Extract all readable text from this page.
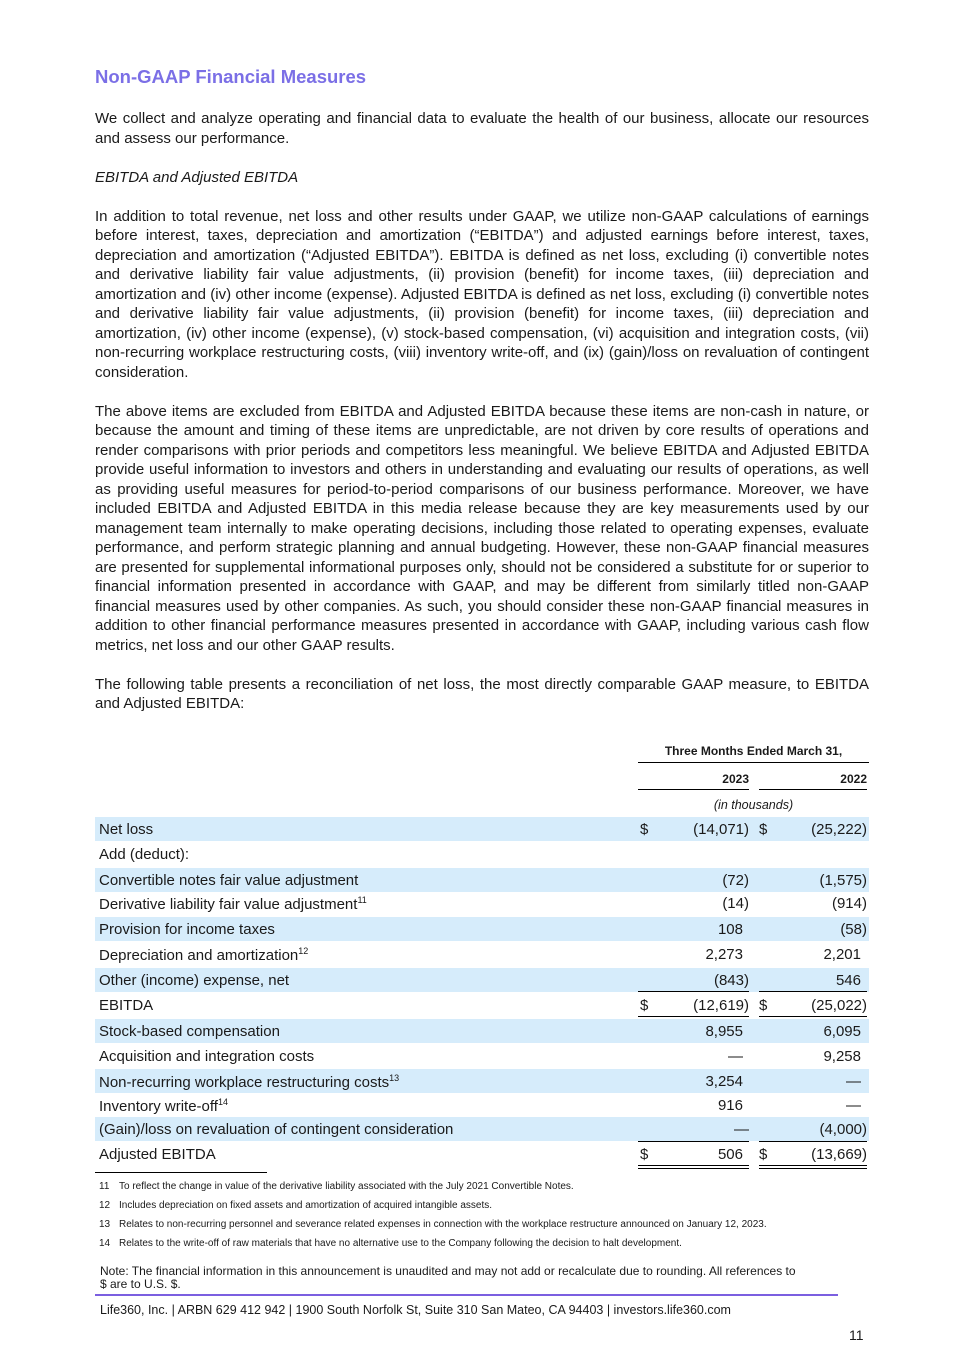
Non-GAAP Financial Measures

We collect and analyze operating and financial data to evaluate the health of our business, allocate our resources and assess our performance.

EBITDA and Adjusted EBITDA

In addition to total revenue, net loss and other results under GAAP, we utilize non-GAAP calculations of earnings before interest, taxes, depreciation and amortization (“EBITDA”) and adjusted earnings before interest, taxes, depreciation and amortization (“Adjusted EBITDA”). EBITDA is defined as net loss, excluding (i) convertible notes and derivative liability fair value adjustments, (ii) provision (benefit) for income taxes, (iii) depreciation and amortization and (iv) other income (expense). Adjusted EBITDA is defined as net loss, excluding (i) convertible notes and derivative liability fair value adjustments, (ii) provision (benefit) for income taxes, (iii) depreciation and amortization, (iv) other income (expense), (v) stock-based compensation, (vi) acquisition and integration costs, (vii) non-recurring workplace restructuring costs, (viii) inventory write-off, and (ix) (gain)/loss on revaluation of contingent consideration.

The above items are excluded from EBITDA and Adjusted EBITDA because these items are non-cash in nature, or because the amount and timing of these items are unpredictable, are not driven by core results of operations and render comparisons with prior periods and competitors less meaningful. We believe EBITDA and Adjusted EBITDA provide useful information to investors and others in understanding and evaluating our results of operations, as well as providing useful measures for period-to-period comparisons of our business performance. Moreover, we have included EBITDA and Adjusted EBITDA in this media release because they are key measurements used by our management team internally to make operating decisions, including those related to operating expenses, evaluate performance, and perform strategic planning and annual budgeting. However, these non-GAAP financial measures are presented for supplemental informational purposes only, should not be considered a substitute for or superior to financial information presented in accordance with GAAP, and may be different from similarly titled non-GAAP financial measures used by other companies. As such, you should consider these non-GAAP financial measures in addition to other financial performance measures presented in accordance with GAAP, including various cash flow metrics, net loss and our other GAAP results.

The following table presents a reconciliation of net loss, the most directly comparable GAAP measure, to EBITDA and Adjusted EBITDA:

Three Months Ended March 31,
2023	2022
(in thousands)
Net loss	$	(14,071) $	(25,222)
Add (deduct):
Convertible notes fair value adjustment	(72)	(1,575)
Derivative liability fair value adjustment$^{11}$	(14)	(914)
Provision for income taxes	108	(58)
Depreciation and amortization$^{12}$	2,273	2,201
Other (income) expense, net	(843)	546
EBITDA	$	(12,619) $	(25,022)
Stock-based compensation	8,955	6,095
Acquisition and integration costs	—	9,258
Non-recurring workplace restructuring costs$^{13}$	3,254	—
Inventory write-off$^{14}$	916	—
(Gain)/loss on revaluation of contingent consideration	—	(4,000)
Adjusted EBITDA	$	506 $	(13,669)
11 To reflect the change in value of the derivative liability associated with the July 2021 Convertible Notes.
12 Includes depreciation on fixed assets and amortization of acquired intangible assets.
13 Relates to non-recurring personnel and severance related expenses in connection with the workplace restructure announced on January 12, 2023.
14 Relates to the write-off of raw materials that have no alternative use to the Company following the decision to halt development.
Note: The financial information in this announcement is unaudited and may not add or recalculate due to rounding. All references to $ are to U.S. $.
Life360, Inc. | ARBN 629 412 942 | 1900 South Norfolk St, Suite 310 San Mateo, CA 94403 | investors.life360.com
11
